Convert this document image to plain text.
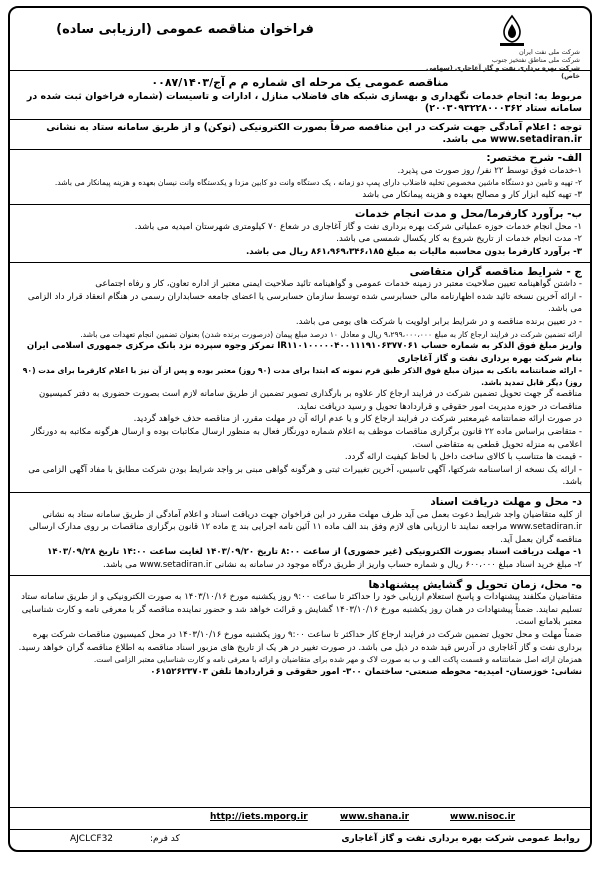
فراخوان مناقصه عمومی (ارزیابی ساده)
شرکت ملی نفت ایران
شرکت ملی مناطق نفتخیز جنوب
شرکت بهره برداری نفت و گاز آغاجاری (سهامی خاص)

مناقصه عمومی یک مرحله ای شماره م م آج/۰۰۸۷/۱۴۰۳

مربوط به: انجام خدمات نگهداری و بهسازی شبکه های فاضلاب منازل ، ادارات و تاسیسات (شماره فراخوان ثبت شده در سامانه ستاد ۲۰۰۳۰۹۳۲۲۸۰۰۰۳۶۲)

توجه : اعلام آمادگی جهت شرکت در این مناقصه صرفاً بصورت الکترونیکی (توکن) و از طریق سامانه ستاد به نشانی www.setadiran.ir می باشد.

الف- شرح مختصر:

۱-خدمات فوق توسط ۲۲ نفر/ روز صورت می پذیرد.

۲- تهیه و تامین دو دستگاه ماشین مخصوص تخلیه فاضلاب دارای پمپ دو زمانه ، یک دستگاه وانت دو کابین مزدا و یکدستگاه وانت نیسان بعهده و هزینه پیمانکار می باشد.

۳- تهیه کلیه ابزار کار و مصالح بعهده و هزینه پیمانکار می باشد

ب- برآورد کارفرما/محل و مدت انجام خدمات

۱- محل انجام خدمات حوزه عملیاتی شرکت بهره برداری نفت و گاز آغاجاری در شعاع ۷۰ کیلومتری شهرستان امیدیه می باشد.

۲- مدت انجام خدمات از تاریخ شروع به کار یکسال شمسی می باشد.

۳- برآورد کارفرما بدون محاسبه مالیات به مبلغ ۸۶۱،۹۶۹،۳۴۶،۱۸۵ ریال می باشد.

ج - شرایط مناقصه گران متقاضی

- داشتن گواهینامه تعیین صلاحیت معتبر در زمینه خدمات عمومی و گواهینامه تائید صلاحیت ایمنی معتبر از اداره تعاون، کار و رفاه اجتماعی

- ارائه آخرین نسخه تائید شده اظهارنامه مالی حسابرسی شده توسط سازمان حسابرسی یا اعضای جامعه حسابداران رسمی در هنگام انعقاد قرار داد الزامی می باشد.

- در تعیین برنده مناقصه و در شرایط برابر اولویت با شرکت های بومی می باشد.

ارائه تضمین شرکت در فرایند ارجاع کار به مبلغ ۹،۲۹۹،۰۰۰،۰۰۰ ریال و معادل ۱۰ درصد مبلغ پیمان (درصورت برنده شدن) بعنوان تضمین انجام تعهدات می باشد.

واریز مبلغ فوق الذکر به شماره حساب IR۱۱۰۱۰۰۰۰۰۴۰۰۱۱۱۹۱۰۶۳۷۷۰۶۱ تمرکز وجوه سپرده نزد بانک مرکزی جمهوری اسلامی ایران بنام شرکت بهره برداری نفت و گاز آغاجاری

- ارائه ضمانتنامه بانکی به میزان مبلغ فوق الذکر طبق فرم نمونه که ابتدا برای مدت (۹۰ روز) معتبر بوده و پس از آن نیز با اعلام کارفرما برای مدت (۹۰ روز) دیگر قابل تمدید باشد.

مناقصه گر جهت تحویل تضمین شرکت در فرایند ارجاع کار علاوه بر بارگذاری تصویر تضمین از طریق سامانه لازم است بصورت حضوری به دفتر کمیسیون مناقصات در حوزه مدیریت امور حقوقی و قراردادها تحویل و رسید دریافت نماید.

در صورت ارائه ضمانتنامه غیرمعتبر شرکت در فرایند ارجاع کار و یا عدم ارائه آن در مهلت مقرر، از مناقصه حذف خواهد گردید.

- متقاضی براساس ماده ۲۲ قانون برگزاری مناقصات موظف به اعلام شماره دورنگار فعال به منظور ارسال مکاتبات بوده و ارسال هرگونه مکاتبه به دورنگار اعلامی به منزله تحویل قطعی به متقاضی است.

- قیمت ها متناسب با کالای ساخت داخل با لحاظ کیفیت ارائه گردد.

- ارائه یک نسخه از اساسنامه شرکتها، آگهی تاسیس، آخرین تغییرات ثبتی و هرگونه گواهی مبنی بر واجد شرایط بودن شرکت مطابق با مفاد آگهی الزامی می باشد.

د- محل و مهلت دریافت اسناد

از کلیه متقاضیان واجد شرایط دعوت بعمل می آید ظرف مهلت مقرر در این فراخوان جهت دریافت اسناد و اعلام آمادگی از طریق سامانه ستاد به نشانی www.setadiran.ir مراجعه نمایند تا ارزیابی های لازم وفق بند الف ماده ۱۱ آئین نامه اجرایی بند ج ماده ۱۲ قانون برگزاری مناقصات بر روی مدارک ارسالی مناقصه گران بعمل آید.

۱- مهلت دریافت اسناد بصورت الکترونیکی (غیر حضوری) از ساعت ۸:۰۰ تاریخ ۱۴۰۳/۰۹/۲۰ لغایت ساعت ۱۴:۰۰ تاریخ ۱۴۰۳/۰۹/۲۸

۲- مبلغ خرید اسناد مبلغ ۶۰۰،۰۰۰ ریال و شماره حساب واریز از طریق درگاه موجود در سامانه به نشانی www.setadiran.ir می باشد.

ه- محل، زمان تحویل و گشایش پیشنهادها

متقاضیان مکلفند پیشنهادات و پاسخ استعلام ارزیابی خود را حداکثر تا ساعت ۹:۰۰ روز یکشنبه مورخ ۱۴۰۳/۱۰/۱۶ به صورت الکترونیکی و از طریق سامانه ستاد تسلیم نمایند. ضمناً پیشنهادات در همان روز یکشنبه مورخ ۱۴۰۳/۱۰/۱۶ گشایش و قرائت خواهد شد و حضور نماینده مناقصه گر با معرفی نامه و کارت شناسایی معتبر بلامانع است.

ضمناً مهلت و محل تحویل تضمین شرکت در فرایند ارجاع کار حداکثر تا ساعت ۹:۰۰ روز یکشنبه مورخ ۱۴۰۳/۱۰/۱۶ در محل کمیسیون مناقصات شرکت بهره برداری نفت و گاز آغاجاری در آدرس قید شده در ذیل می باشد. در صورت تغییر در هر یک از تاریخ های مزبور اسناد مناقصه به اطلاع مناقصه گران خواهد رسید.

همزمان ارائه اصل ضمانتنامه و قسمت پاکت الف و ب به صورت لاک و مهر شده برای متقاضیان و ارائه با معرفی نامه و کارت شناسایی معتبر الزامی است.

نشانی: خوزستان- امیدیه- محوطه صنعتی- ساختمان ۳۰۰- امور حقوقی و قراردادها تلفن ۰۶۱۵۲۶۲۳۷۰۳

http://iets.mporg.ir	www.shana.ir	www.nisoc.ir
AJCLCF32	کد فرم:	روابط عمومی شرکت بهره برداری نفت و گاز آغاجاری
